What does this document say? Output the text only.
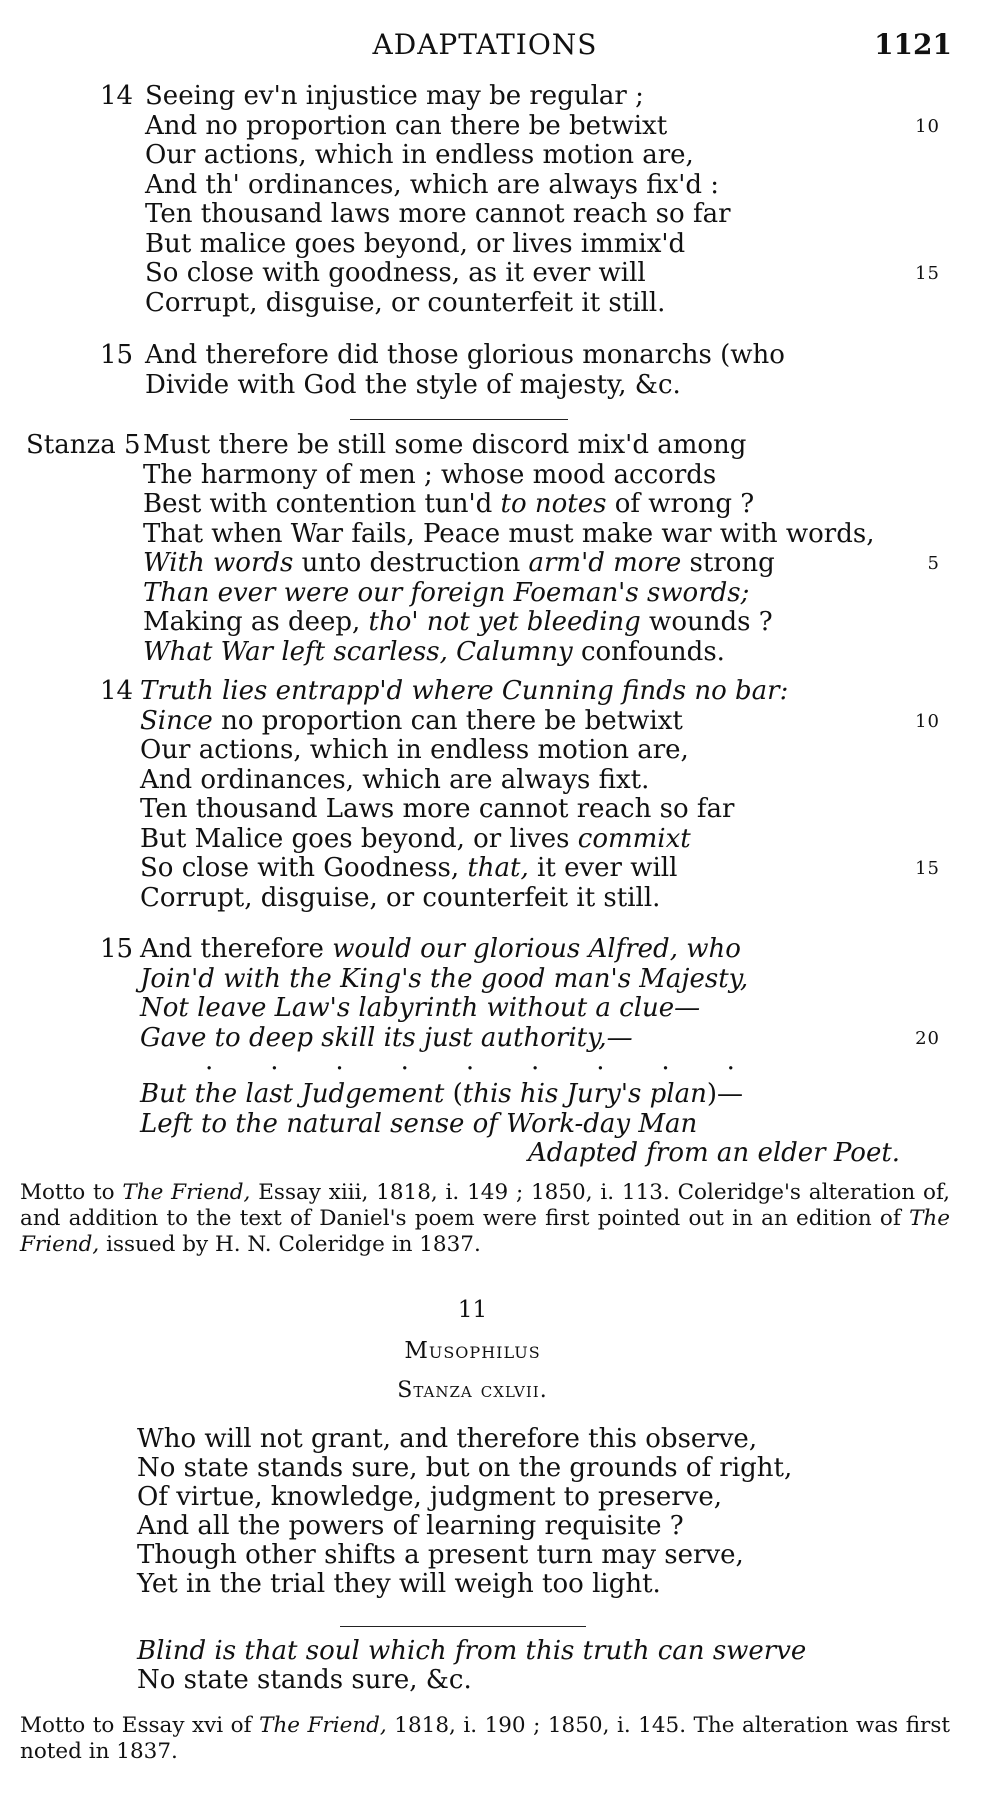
ADAPTATIONS	1121
14 Seeing ev'n injustice may be regular ;
And no proportion can there be betwixt	10
Our actions, which in endless motion are,
And th' ordinances, which are always fix'd :
Ten thousand laws more cannot reach so far
But malice goes beyond, or lives immix'd
So close with goodness, as it ever will	15
Corrupt, disguise, or counterfeit it still.
15 And therefore did those glorious monarchs (who
Divide with God the style of majesty, &c.
Stanza 5 Must there be still some discord mix'd among
The harmony of men ; whose mood accords
Best with contention tun'd to notes of wrong ?
That when War fails, Peace must make war with words,
With words unto destruction arm'd more strong	5
Than ever were our foreign Foeman's swords;
Making as deep, tho' not yet bleeding wounds ?
What War left scarless, Calumny confounds.
14 Truth lies entrapp'd where Cunning finds no bar:
Since no proportion can there be betwixt	10
Our actions, which in endless motion are,
And ordinances, which are always fixt.
Ten thousand Laws more cannot reach so far
But Malice goes beyond, or lives commixt
So close with Goodness, that, it ever will	15
Corrupt, disguise, or counterfeit it still.
15 And therefore would our glorious Alfred, who
Join'd with the King's the good man's Majesty,
Not leave Law's labyrinth without a clue—
Gave to deep skill its just authority,—	20
. . . . . . . . .
But the last Judgement (this his Jury's plan)—
Left to the natural sense of Work-day Man
Adapted from an elder Poet.
Motto to The Friend, Essay xiii, 1818, i. 149 ; 1850, i. 113. Coleridge's alteration of, and addition to the text of Daniel's poem were first pointed out in an edition of The Friend, issued by H. N. Coleridge in 1837.
11
Musophilus
Stanza cxlvii.
Who will not grant, and therefore this observe,
No state stands sure, but on the grounds of right,
Of virtue, knowledge, judgment to preserve,
And all the powers of learning requisite ?
Though other shifts a present turn may serve,
Yet in the trial they will weigh too light.
Blind is that soul which from this truth can swerve
No state stands sure, &c.
Motto to Essay xvi of The Friend, 1818, i. 190 ; 1850, i. 145. The alteration was first noted in 1837.
